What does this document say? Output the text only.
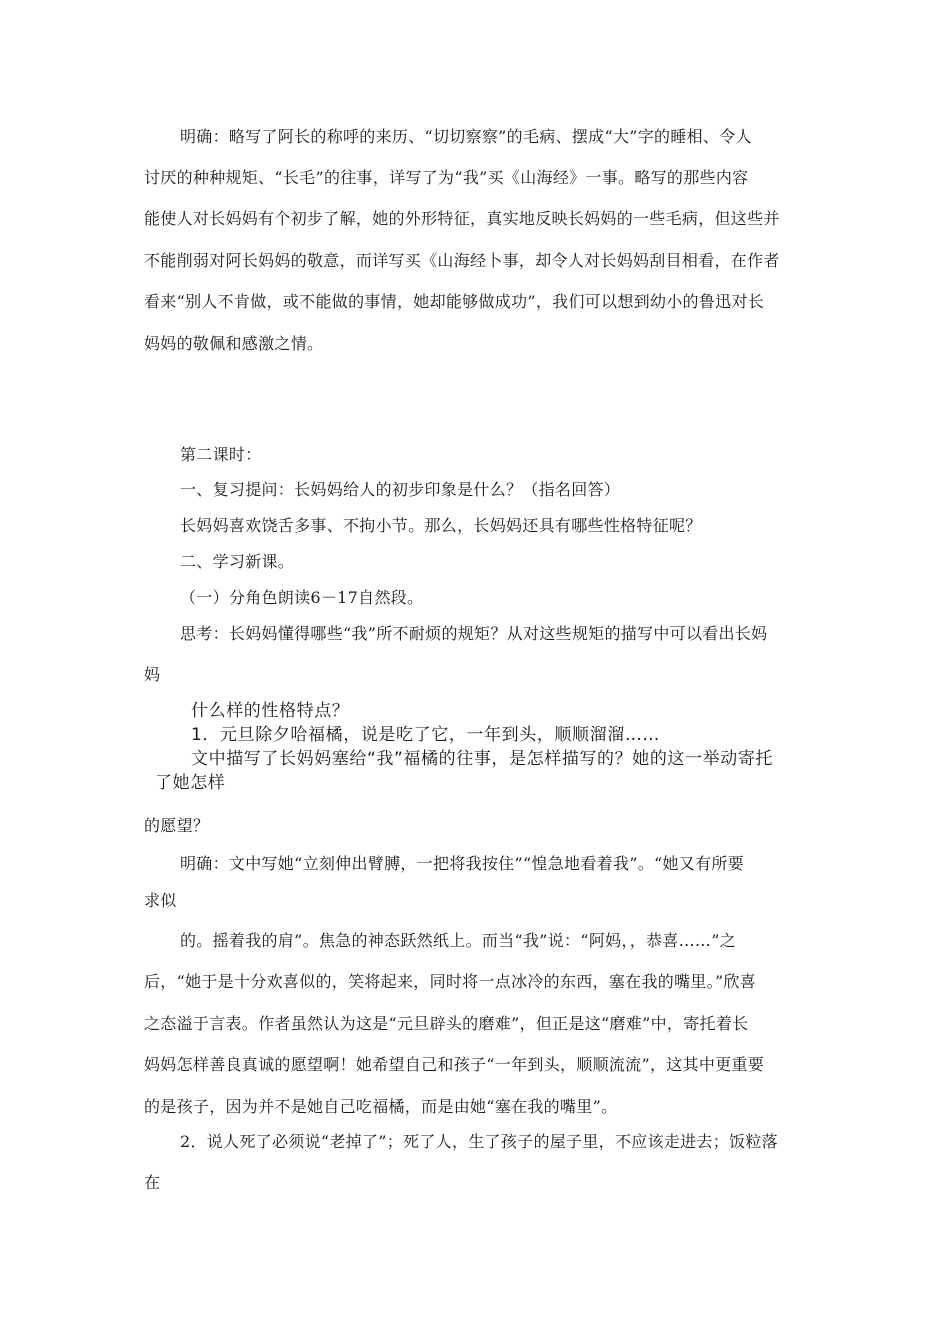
明确：略写了阿长的称呼的来历、“切切察察”的毛病、摆成“大”字的睡相、令人

讨厌的种种规矩、“长毛”的往事，详写了为“我”买《山海经》一事。略写的那些内容

能使人对长妈妈有个初步了解，她的外形特征，真实地反映长妈妈的一些毛病，但这些并

不能削弱对阿长妈妈的敬意，而详写买《山海经卜事，却令人对长妈妈刮目相看，在作者

看来“别人不肯做，或不能做的事情，她却能够做成功”，我们可以想到幼小的鲁迅对长

妈妈的敬佩和感激之情。

第二课时：

一、复习提问：长妈妈给人的初步印象是什么？（指名回答）

长妈妈喜欢饶舌多事、不拘小节。那么，长妈妈还具有哪些性格特征呢？

二、学习新课。

（一）分角色朗读6－17自然段。

思考：长妈妈懂得哪些“我”所不耐烦的规矩？从对这些规矩的描写中可以看出长妈

妈

什么样的性格特点？

1．元旦除夕哈福橘，说是吃了它，一年到头，顺顺溜溜……

文中描写了长妈妈塞给“我”福橘的往事，是怎样描写的？她的这一举动寄托

了她怎样

的愿望？

明确：文中写她“立刻伸出臂膊，一把将我按住”“惶急地看着我”。“她又有所要

求似

的。摇着我的肩”。焦急的神态跃然纸上。而当“我”说：“阿妈，，恭喜……”之

后，“她于是十分欢喜似的，笑将起来，同时将一点冰冷的东西，塞在我的嘴里。”欣喜

之态溢于言表。作者虽然认为这是“元旦辟头的磨难”，但正是这“磨难”中，寄托着长

妈妈怎样善良真诚的愿望啊！她希望自己和孩子“一年到头，顺顺流流”，这其中更重要

的是孩子，因为并不是她自己吃福橘，而是由她“塞在我的嘴里”。

2．说人死了必须说“老掉了”；死了人，生了孩子的屋子里，不应该走进去；饭粒落

在
